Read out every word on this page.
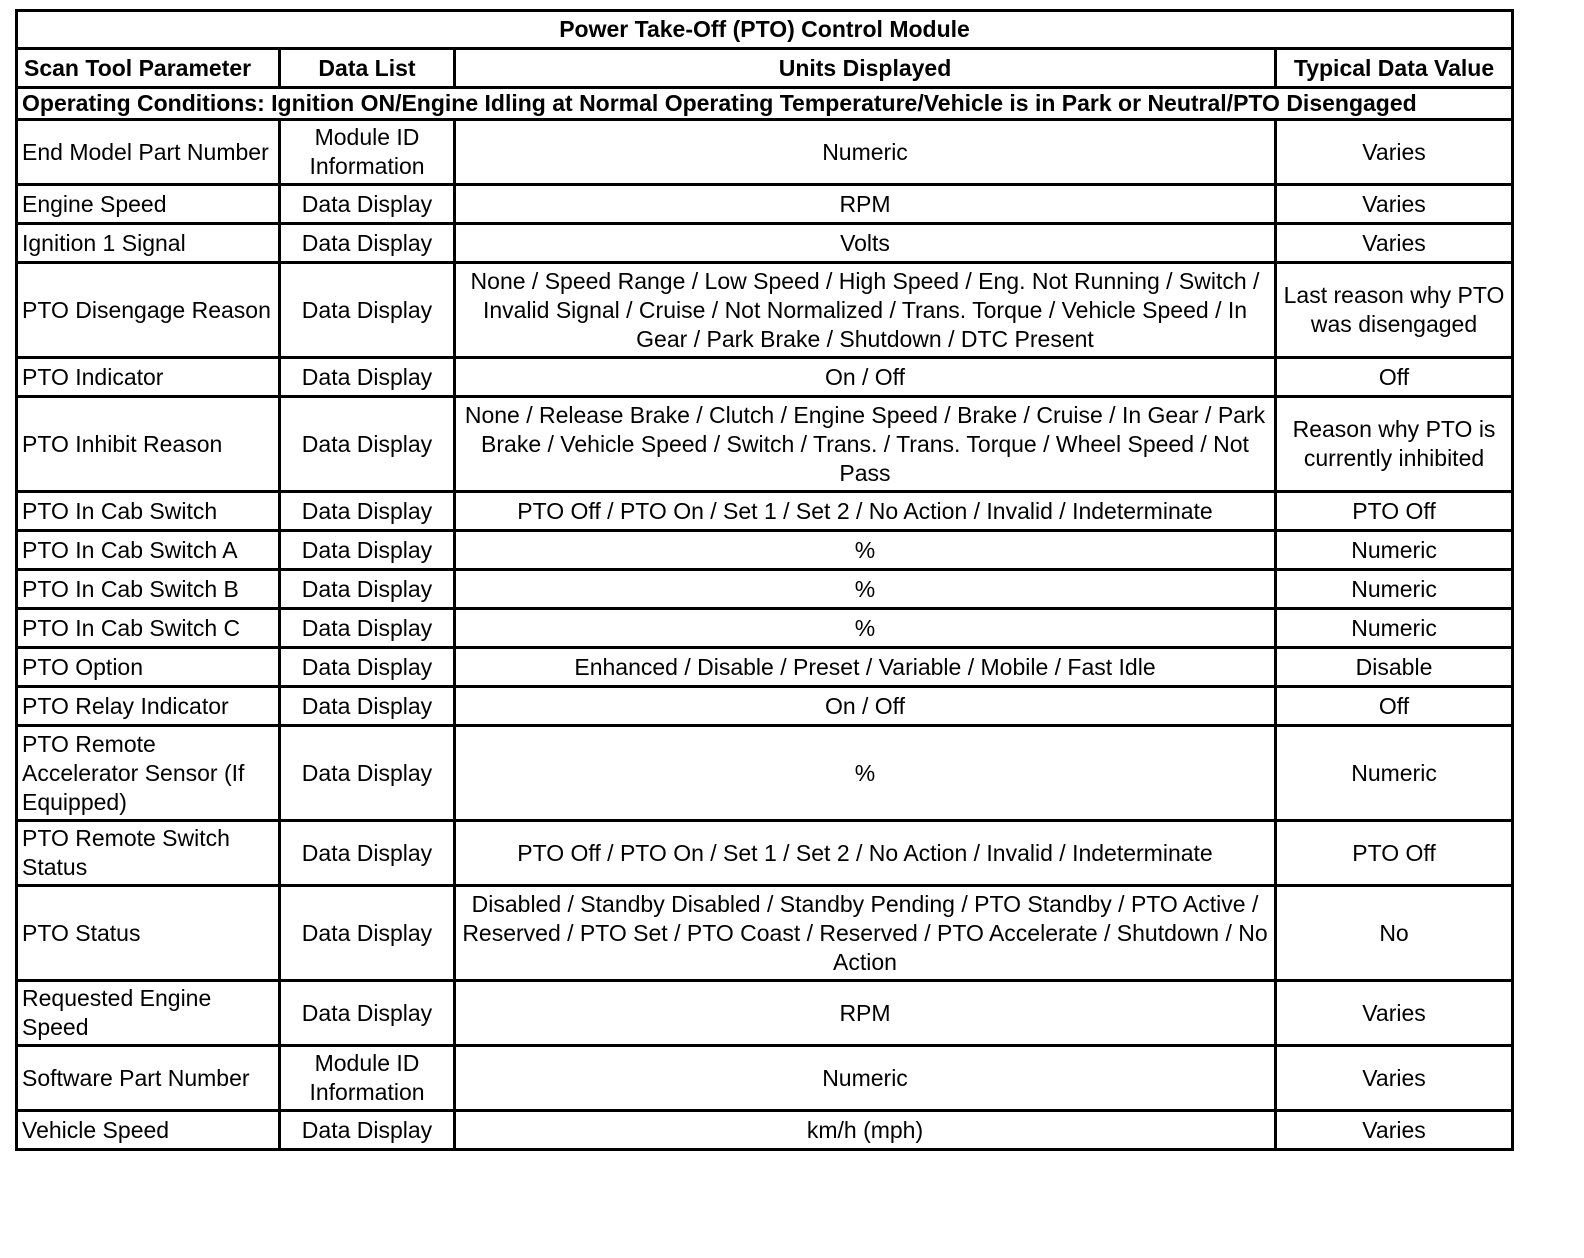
Power Take-Off (PTO) Control Module			
Scan Tool Parameter	Data List	Units Displayed	Typical Data Value
Operating Conditions: Ignition ON/Engine Idling at Normal Operating Temperature/Vehicle is in Park or Neutral/PTO Disengaged			
End Model Part Number	Module ID Information	Numeric	Varies
Engine Speed	Data Display	RPM	Varies
Ignition 1 Signal	Data Display	Volts	Varies
PTO Disengage Reason	Data Display	None / Speed Range / Low Speed / High Speed / Eng. Not Running / Switch / Invalid Signal / Cruise / Not Normalized / Trans. Torque / Vehicle Speed / In Gear / Park Brake / Shutdown / DTC Present	Last reason why PTO was disengaged
PTO Indicator	Data Display	On / Off	Off
PTO Inhibit Reason	Data Display	None / Release Brake / Clutch / Engine Speed / Brake / Cruise / In Gear / Park Brake / Vehicle Speed / Switch / Trans. / Trans. Torque / Wheel Speed / Not Pass	Reason why PTO is currently inhibited
PTO In Cab Switch	Data Display	PTO Off / PTO On / Set 1 / Set 2 / No Action / Invalid / Indeterminate	PTO Off
PTO In Cab Switch A	Data Display	%	Numeric
PTO In Cab Switch B	Data Display	%	Numeric
PTO In Cab Switch C	Data Display	%	Numeric
PTO Option	Data Display	Enhanced / Disable / Preset / Variable / Mobile / Fast Idle	Disable
PTO Relay Indicator	Data Display	On / Off	Off
PTO Remote Accelerator Sensor (If Equipped)	Data Display	%	Numeric
PTO Remote Switch Status	Data Display	PTO Off / PTO On / Set 1 / Set 2 / No Action / Invalid / Indeterminate	PTO Off
PTO Status	Data Display	Disabled / Standby Disabled / Standby Pending / PTO Standby / PTO Active / Reserved / PTO Set / PTO Coast / Reserved / PTO Accelerate / Shutdown / No Action	No
Requested Engine Speed	Data Display	RPM	Varies
Software Part Number	Module ID Information	Numeric	Varies
Vehicle Speed	Data Display	km/h (mph)	Varies
